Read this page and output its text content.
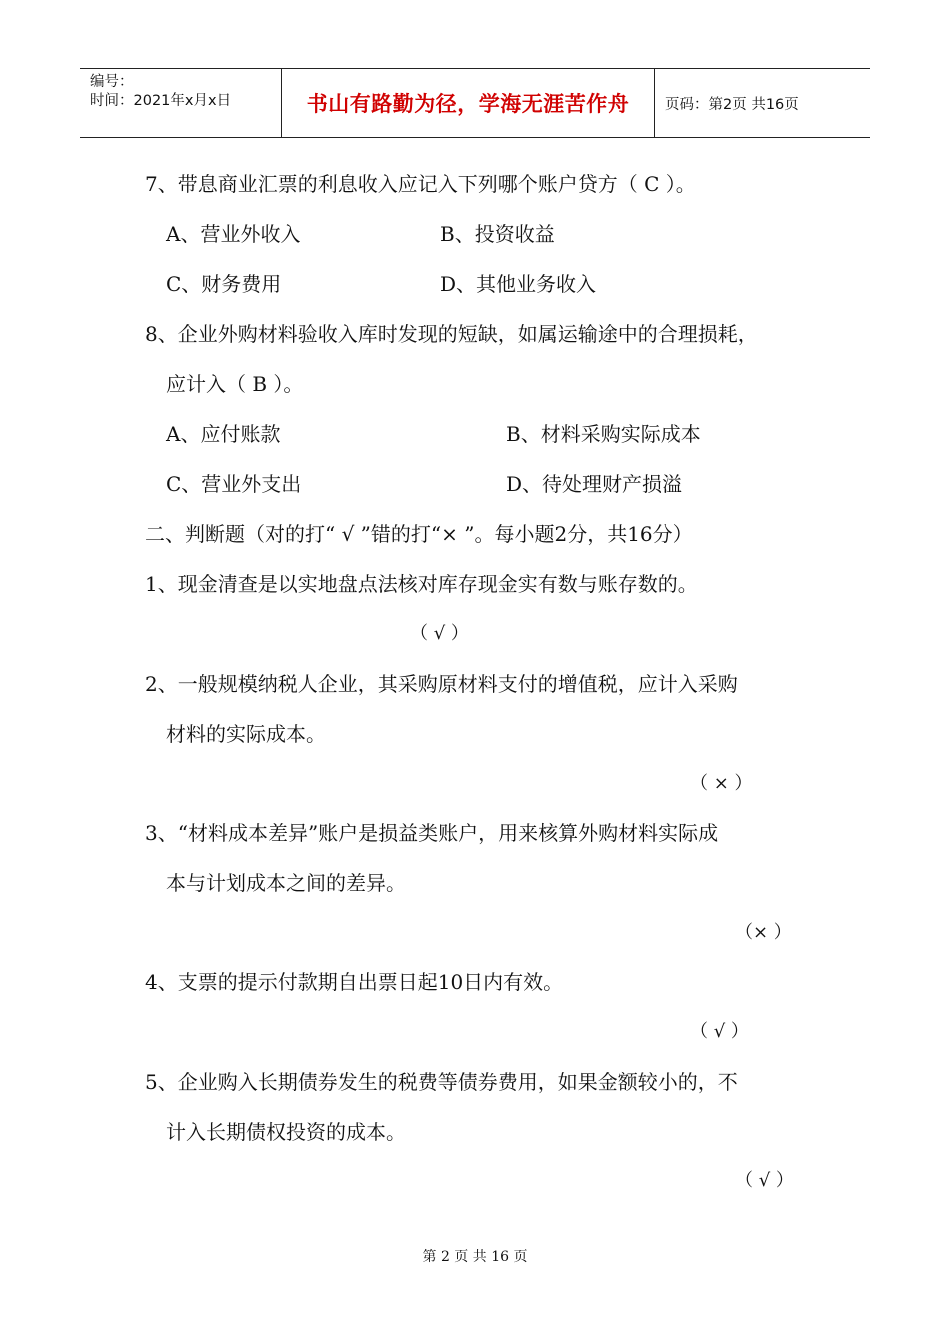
编号：
时间：2021年x月x日	书山有路勤为径，学海无涯苦作舟	页码：第2页 共16页
7、带息商业汇票的利息收入应记入下列哪个账户贷方（ C ）。
A、营业外收入	B、投资收益
C、财务费用	D、其他业务收入
8、企业外购材料验收入库时发现的短缺，如属运输途中的合理损耗，
应计入（ B ）。
A、应付账款	B、材料采购实际成本
C、营业外支出	D、待处理财产损溢
二、判断题（对的打“ √ ”错的打“× ”。每小题2分，共16分）
1、现金清查是以实地盘点法核对库存现金实有数与账存数的。
（ √ ）
2、一般规模纳税人企业，其采购原材料支付的增值税，应计入采购
材料的实际成本。
（ × ）
3、“材料成本差异”账户是损益类账户，用来核算外购材料实际成
本与计划成本之间的差异。
（× ）
4、支票的提示付款期自出票日起10日内有效。
（ √ ）
5、企业购入长期债券发生的税费等债券费用，如果金额较小的，不
计入长期债权投资的成本。
（ √ ）
第 2 页 共 16 页
